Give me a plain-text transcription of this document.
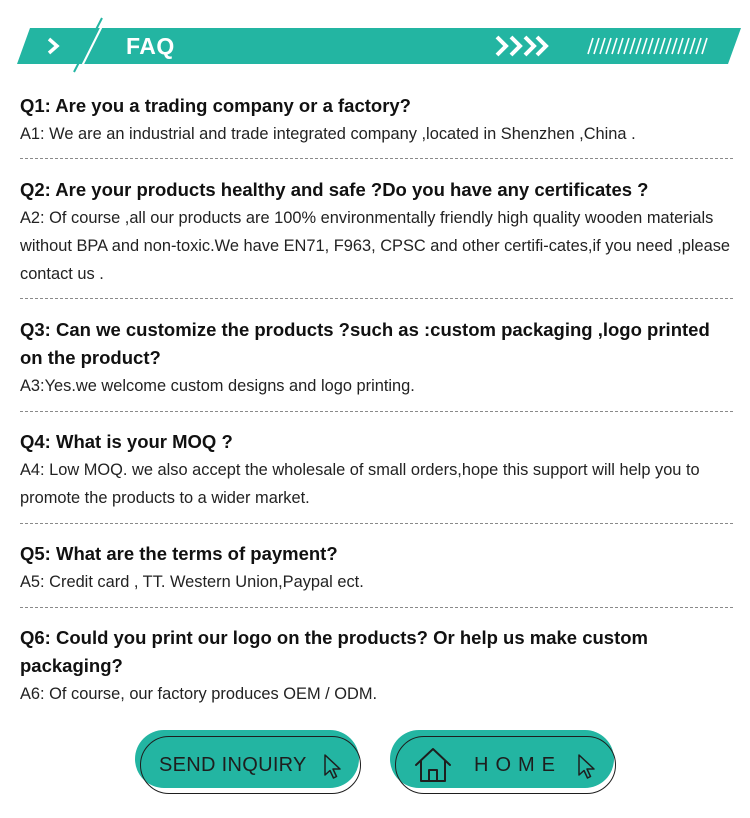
FAQ
Q1: Are you a trading company or a factory?
A1: We are an industrial and trade integrated company ,located in Shenzhen ,China .
Q2: Are your products healthy and safe ?Do you have any certificates ?
A2: Of course ,all our products are 100% environmentally friendly high quality wooden materials without BPA and non-toxic.We have EN71, F963, CPSC and other certifi-cates,if you need ,please contact us .
Q3: Can we customize the products ?such as :custom packaging ,logo printed on the product?
A3:Yes.we welcome custom designs and logo printing.
Q4: What is your MOQ ?
A4: Low MOQ. we also accept the wholesale of small orders,hope this support will help you to promote the products to a wider market.
Q5: What are the terms of payment?
A5: Credit card , TT. Western Union,Paypal ect.
Q6: Could you print our logo on the products? Or help us make custom packaging?
A6: Of course, our factory produces OEM / ODM.
SEND INQUIRY	HOME
